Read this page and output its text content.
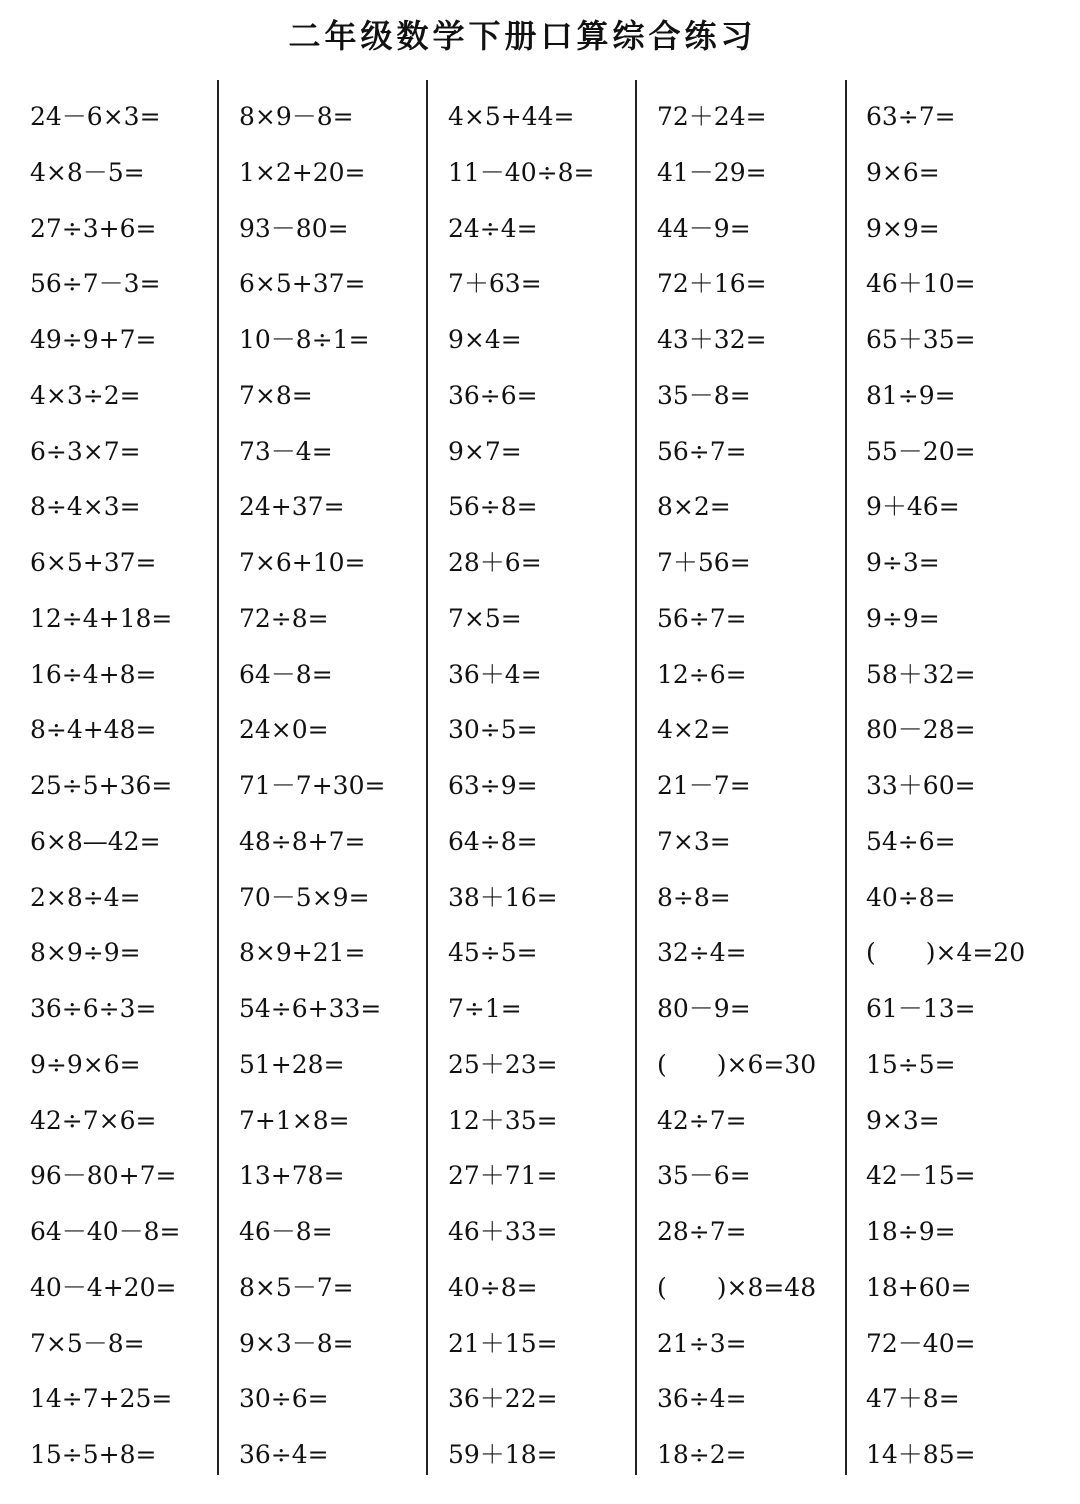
二年级数学下册口算综合练习
24－6×3=
4×8－5=
27÷3+6=
56÷7－3=
49÷9+7=
4×3÷2=
6÷3×7=
8÷4×3=
6×5+37=
12÷4+18=
16÷4+8=
8÷4+48=
25÷5+36=
6×8—42=
2×8÷4=
8×9÷9=
36÷6÷3=
9÷9×6=
42÷7×6=
96－80+7=
64－40－8=
40－4+20=
7×5－8=
14÷7+25=
15÷5+8=
8×9－8=
1×2+20=
93－80=
6×5+37=
10－8÷1=
7×8=
73－4=
24+37=
7×6+10=
72÷8=
64－8=
24×0=
71－7+30=
48÷8+7=
70－5×9=
8×9+21=
54÷6+33=
51+28=
7+1×8=
13+78=
46－8=
8×5－7=
9×3－8=
30÷6=
36÷4=
4×5+44=
11－40÷8=
24÷4=
7＋63=
9×4=
36÷6=
9×7=
56÷8=
28＋6=
7×5=
36＋4=
30÷5=
63÷9=
64÷8=
38＋16=
45÷5=
7÷1=
25＋23=
12＋35=
27＋71=
46＋33=
40÷8=
21＋15=
36＋22=
59＋18=
72＋24=
41－29=
44－9=
72＋16=
43＋32=
35－8=
56÷7=
8×2=
7＋56=
56÷7=
12÷6=
4×2=
21－7=
7×3=
8÷8=
32÷4=
80－9=
(　　)×6=30
42÷7=
35－6=
28÷7=
(　　)×8=48
21÷3=
36÷4=
18÷2=
63÷7=
9×6=
9×9=
46＋10=
65＋35=
81÷9=
55－20=
9＋46=
9÷3=
9÷9=
58＋32=
80－28=
33＋60=
54÷6=
40÷8=
(　　)×4=20
61－13=
15÷5=
9×3=
42－15=
18÷9=
18+60=
72－40=
47＋8=
14＋85=
